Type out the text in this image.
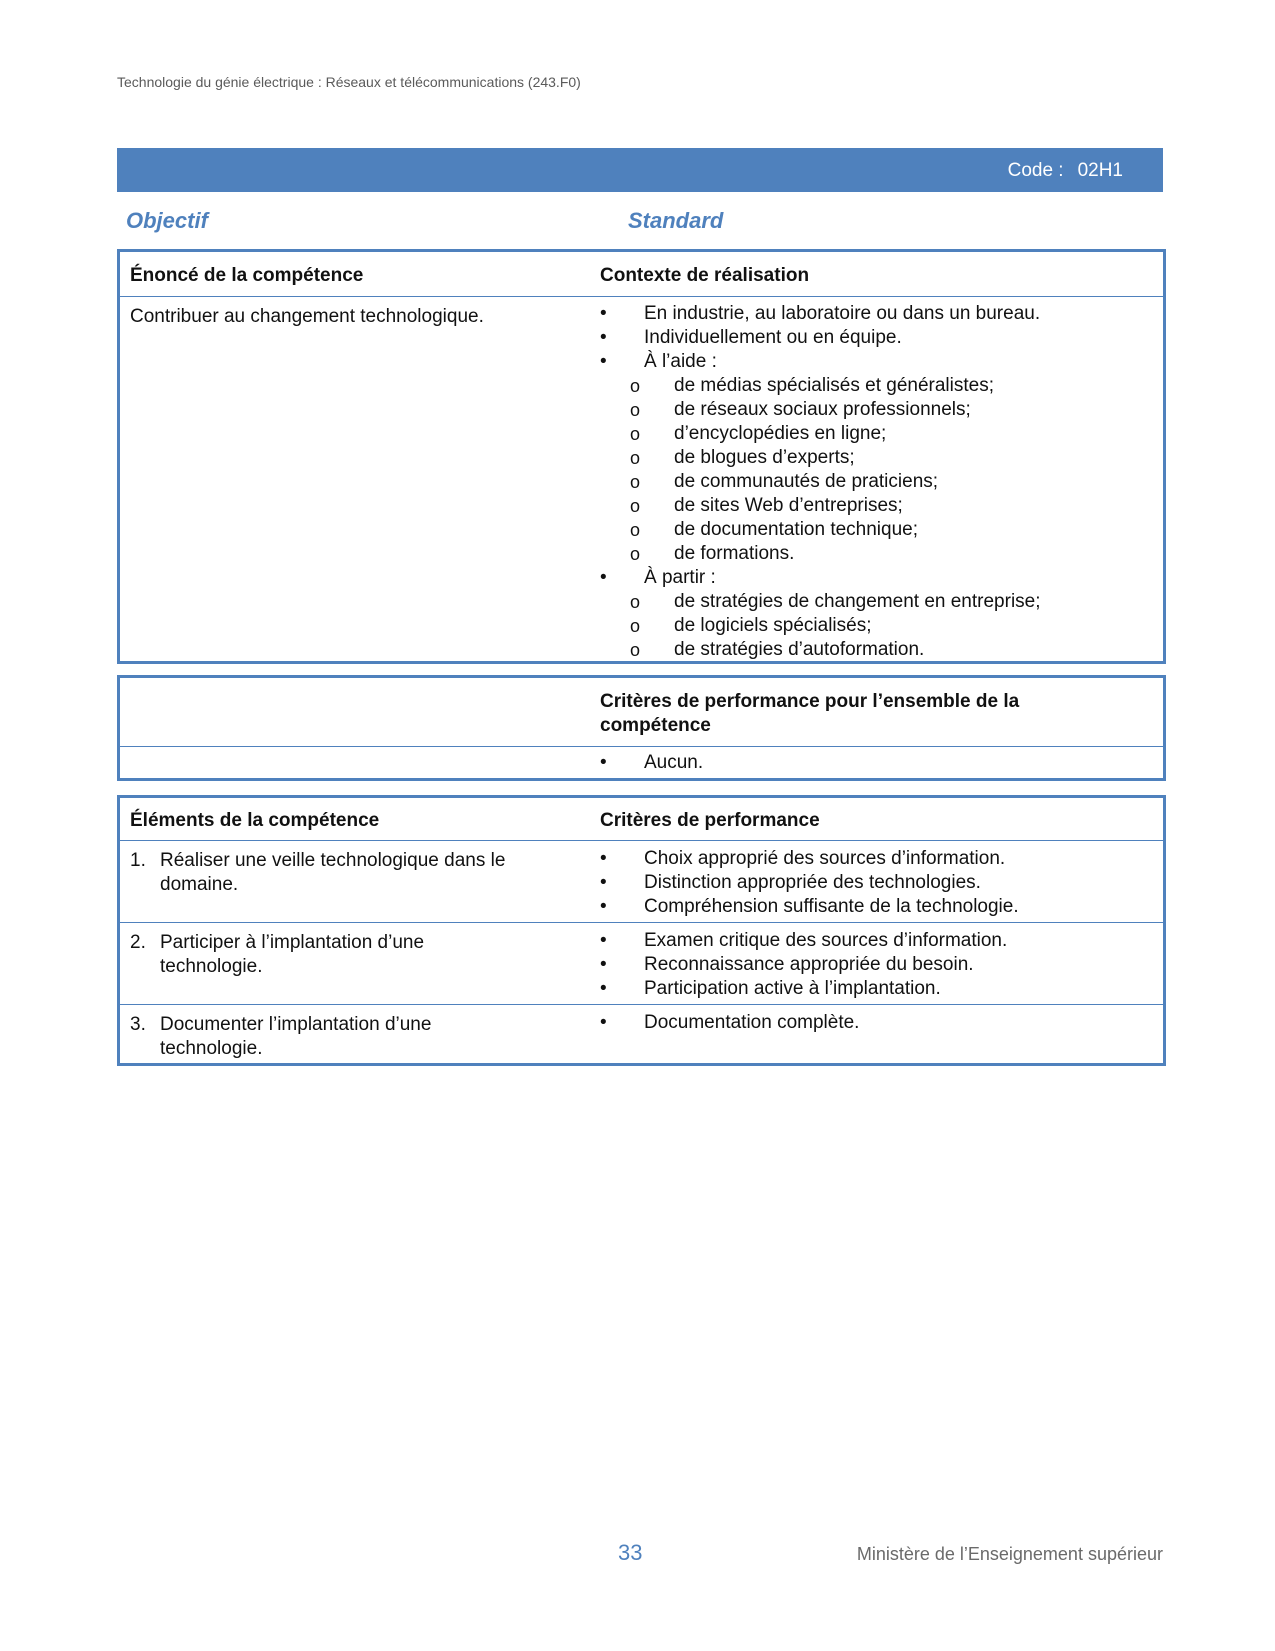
Technologie du génie électrique : Réseaux et télécommunications (243.F0)
Code : 02H1
Objectif	Standard
Énoncé de la compétence	Contexte de réalisation
Contribuer au changement technologique.
•	En industrie, au laboratoire ou dans un bureau.
• Individuellement ou en équipe.
• À l’aide :
o de médias spécialisés et généralistes;
o de réseaux sociaux professionnels;
o d’encyclopédies en ligne;
o de blogues d’experts;
o de communautés de praticiens;
o de sites Web d’entreprises;
o de documentation technique;
o de formations.
• À partir :
o de stratégies de changement en entreprise;
o de logiciels spécialisés;
o de stratégies d’autoformation.
Critères de performance pour l’ensemble de la compétence
• Aucun.
Éléments de la compétence	Critères de performance
1. Réaliser une veille technologique dans le domaine.
• Choix approprié des sources d’information.
• Distinction appropriée des technologies.
• Compréhension suffisante de la technologie.
2. Participer à l’implantation d’une technologie.
• Examen critique des sources d’information.
• Reconnaissance appropriée du besoin.
• Participation active à l’implantation.
3. Documenter l’implantation d’une technologie.
• Documentation complète.
33	Ministère de l’Enseignement supérieur
